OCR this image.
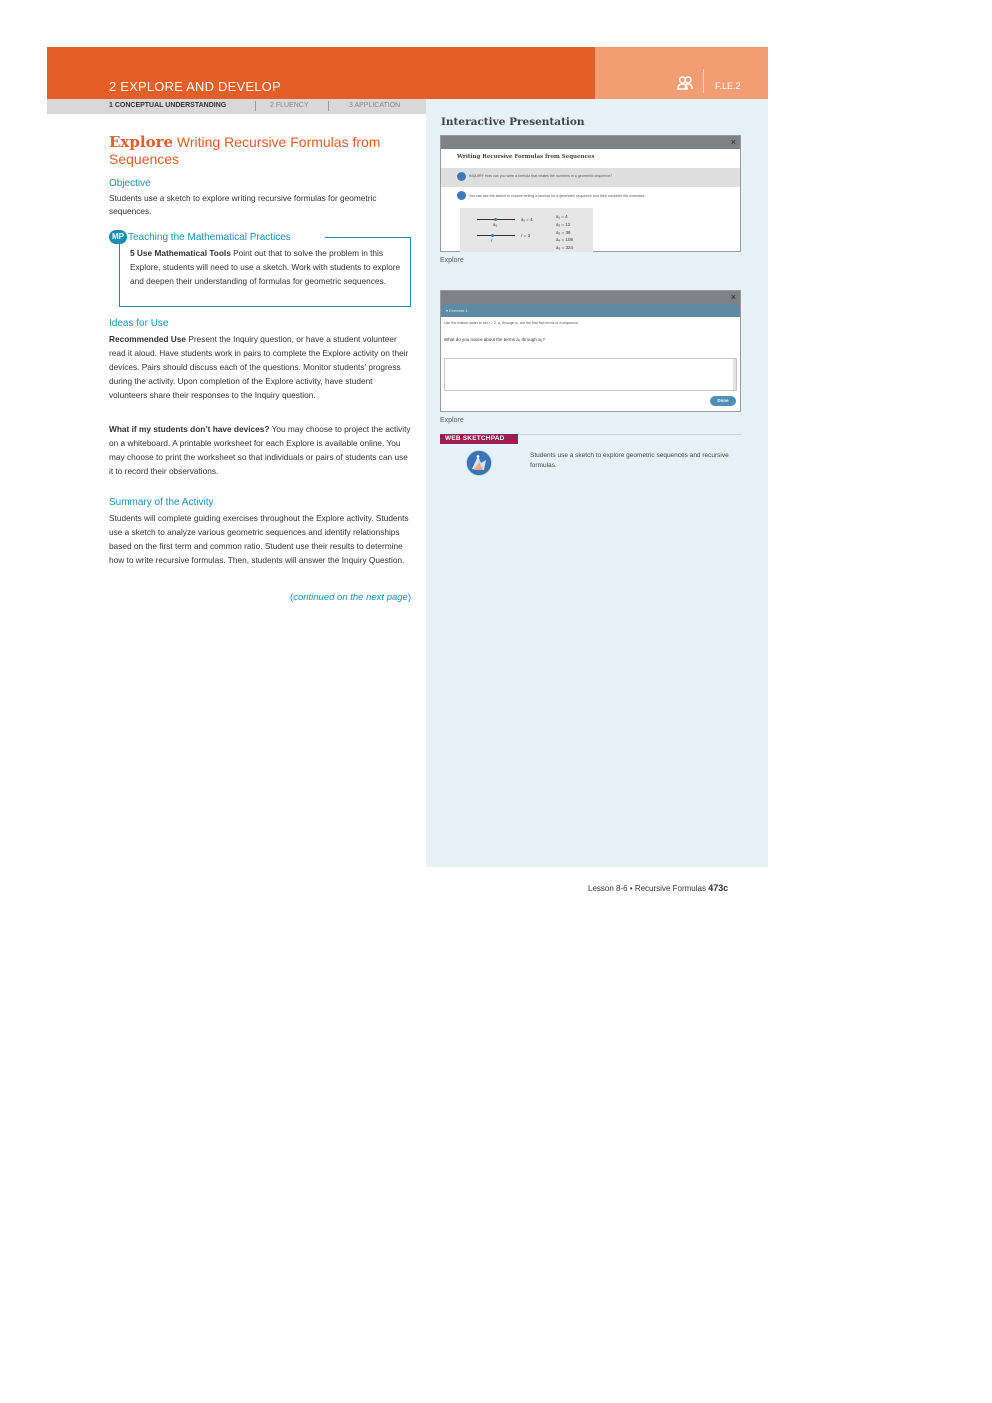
2 EXPLORE AND DEVELOP	F.LE.2
1 CONCEPTUAL UNDERSTANDING	2 FLUENCY	3 APPLICATION
Explore Writing Recursive Formulas from Sequences
Objective
Students use a sketch to explore writing recursive formulas for geometric sequences.
MP Teaching the Mathematical Practices
5 Use Mathematical Tools Point out that to solve the problem in this Explore, students will need to use a sketch. Work with students to explore and deepen their understanding of formulas for geometric sequences.
Ideas for Use
Recommended Use Present the Inquiry question, or have a student volunteer read it aloud. Have students work in pairs to complete the Explore activity on their devices. Pairs should discuss each of the questions. Monitor students’ progress during the activity. Upon completion of the Explore activity, have student volunteers share their responses to the Inquiry question.
What if my students don’t have devices? You may choose to project the activity on a whiteboard. A printable worksheet for each Explore is available online. You may choose to print the worksheet so that individuals or pairs of students can use it to record their observations.
Summary of the Activity
Students will complete guiding exercises throughout the Explore activity. Students use a sketch to analyze various geometric sequences and identify relationships based on the first term and common ratio. Student use their results to determine how to write recursive formulas. Then, students will answer the Inquiry Question.
(continued on the next page)
Interactive Presentation
×
Writing Recursive Formulas from Sequences
INQUIRY How can you write a formula that relates the numbers in a geometric sequence?
You can use the sketch to explore writing a formula for a geometric sequence and then complete the exercises.
a₁
a₁ = 4
r
r = 3
a₁ = 4
a₂ = 12
a₃ = 36
a₄ = 108
a₅ = 324
Explore
×
▾ Exercise 1
Use the bottom slider to set r = 2, a₁ through a₅ are the first five terms of a sequence.
What do you notice about the terms a₁ through a₅?
Done
Explore
WEB SKETCHPAD
Students use a sketch to explore geometric sequences and recursive formulas.
Lesson 8-6 • Recursive Formulas 473c
